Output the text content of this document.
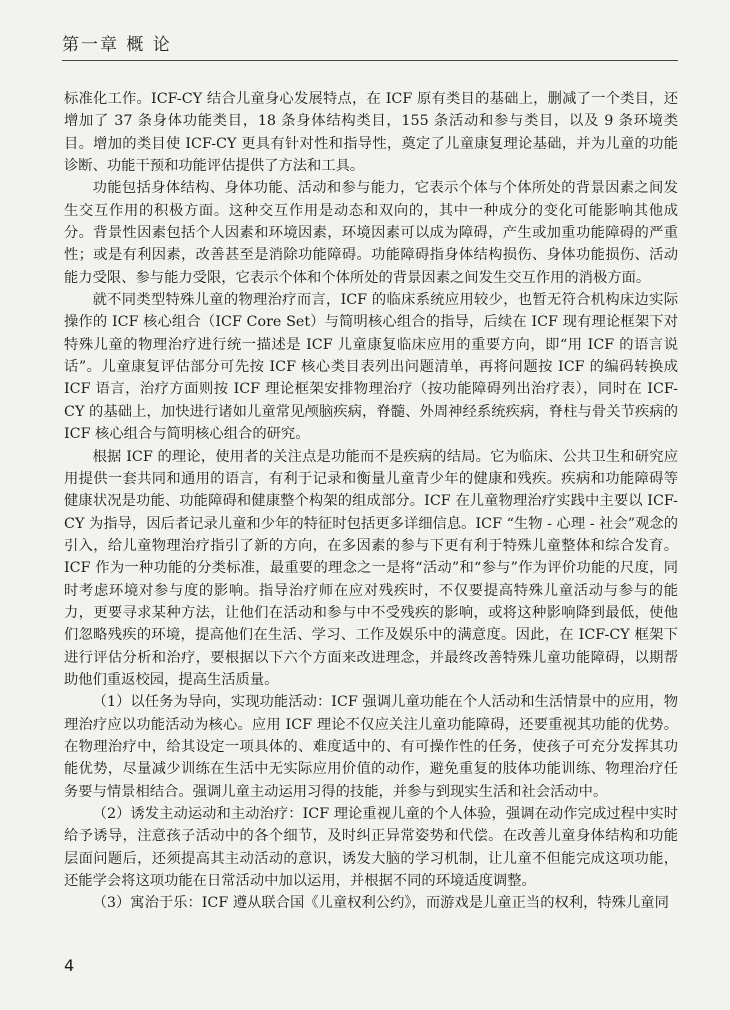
第一章 概 论

标准化工作。ICF-CY 结合儿童身心发展特点，在 ICF 原有类目的基础上，删减了一个类目，还增加了 37 条身体功能类目，18 条身体结构类目，155 条活动和参与类目，以及 9 条环境类目。增加的类目使 ICF-CY 更具有针对性和指导性，奠定了儿童康复理论基础，并为儿童的功能诊断、功能干预和功能评估提供了方法和工具。

功能包括身体结构、身体功能、活动和参与能力，它表示个体与个体所处的背景因素之间发生交互作用的积极方面。这种交互作用是动态和双向的，其中一种成分的变化可能影响其他成分。背景性因素包括个人因素和环境因素，环境因素可以成为障碍，产生或加重功能障碍的严重性；或是有利因素，改善甚至是消除功能障碍。功能障碍指身体结构损伤、身体功能损伤、活动能力受限、参与能力受限，它表示个体和个体所处的背景因素之间发生交互作用的消极方面。

就不同类型特殊儿童的物理治疗而言，ICF 的临床系统应用较少，也暂无符合机构床边实际操作的 ICF 核心组合（ICF Core Set）与简明核心组合的指导，后续在 ICF 现有理论框架下对特殊儿童的物理治疗进行统一描述是 ICF 儿童康复临床应用的重要方向，即“用 ICF 的语言说话”。儿童康复评估部分可先按 ICF 核心类目表列出问题清单，再将问题按 ICF 的编码转换成 ICF 语言，治疗方面则按 ICF 理论框架安排物理治疗（按功能障碍列出治疗表），同时在 ICF-CY 的基础上，加快进行诸如儿童常见颅脑疾病，脊髓、外周神经系统疾病，脊柱与骨关节疾病的 ICF 核心组合与简明核心组合的研究。

根据 ICF 的理论，使用者的关注点是功能而不是疾病的结局。它为临床、公共卫生和研究应用提供一套共同和通用的语言，有利于记录和衡量儿童青少年的健康和残疾。疾病和功能障碍等健康状况是功能、功能障碍和健康整个构架的组成部分。ICF 在儿童物理治疗实践中主要以 ICF-CY 为指导，因后者记录儿童和少年的特征时包括更多详细信息。ICF “生物 - 心理 - 社会”观念的引入，给儿童物理治疗指引了新的方向，在多因素的参与下更有利于特殊儿童整体和综合发育。ICF 作为一种功能的分类标准，最重要的理念之一是将“活动”和“参与”作为评价功能的尺度，同时考虑环境对参与度的影响。指导治疗师在应对残疾时，不仅要提高特殊儿童活动与参与的能力，更要寻求某种方法，让他们在活动和参与中不受残疾的影响，或将这种影响降到最低，使他们忽略残疾的环境，提高他们在生活、学习、工作及娱乐中的满意度。因此，在 ICF-CY 框架下进行评估分析和治疗，要根据以下六个方面来改进理念，并最终改善特殊儿童功能障碍，以期帮助他们重返校园，提高生活质量。

（1）以任务为导向，实现功能活动：ICF 强调儿童功能在个人活动和生活情景中的应用，物理治疗应以功能活动为核心。应用 ICF 理论不仅应关注儿童功能障碍，还要重视其功能的优势。在物理治疗中，给其设定一项具体的、难度适中的、有可操作性的任务，使孩子可充分发挥其功能优势，尽量减少训练在生活中无实际应用价值的动作，避免重复的肢体功能训练、物理治疗任务要与情景相结合。强调儿童主动运用习得的技能，并参与到现实生活和社会活动中。

（2）诱发主动运动和主动治疗：ICF 理论重视儿童的个人体验，强调在动作完成过程中实时给予诱导，注意孩子活动中的各个细节，及时纠正异常姿势和代偿。在改善儿童身体结构和功能层面问题后，还须提高其主动活动的意识，诱发大脑的学习机制，让儿童不但能完成这项功能，还能学会将这项功能在日常活动中加以运用，并根据不同的环境适度调整。

（3）寓治于乐：ICF 遵从联合国《儿童权利公约》，而游戏是儿童正当的权利，特殊儿童同

4
